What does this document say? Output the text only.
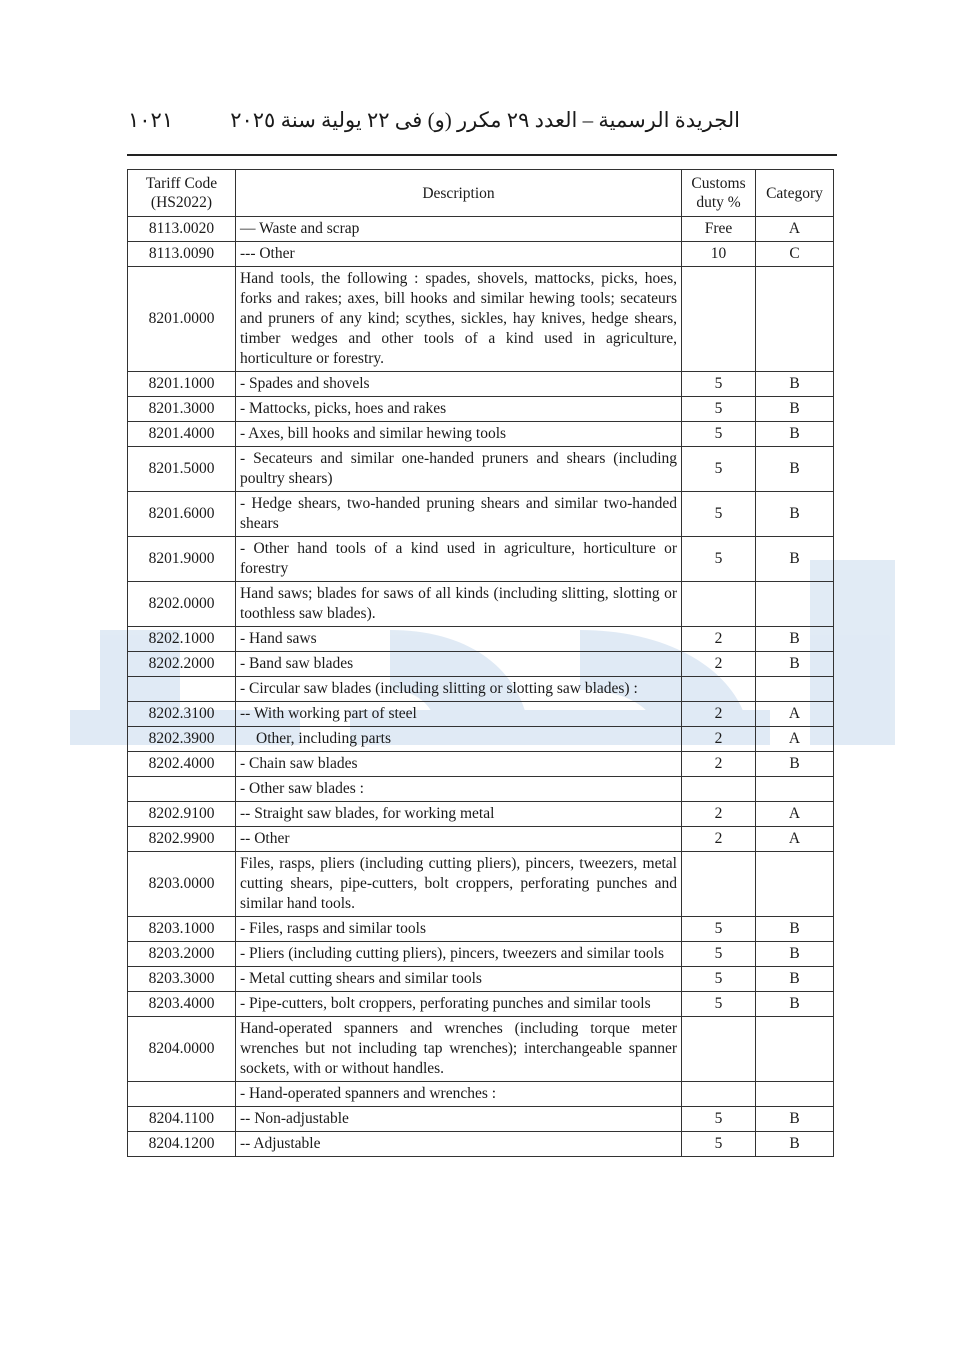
١٠٢١	الجريدة الرسمية – العدد ٢٩ مكرر (و) فى ٢٢ يولية سنة ٢٠٢٥
Tariff Code (HS2022)	Description	Customs duty %	Category
8113.0020	— Waste and scrap	Free	A
8113.0090	--- Other	10	C
8201.0000	Hand tools, the following : spades, shovels, mattocks, picks, hoes, forks and rakes; axes, bill hooks and similar hewing tools; secateurs and pruners of any kind; scythes, sickles, hay knives, hedge shears, timber wedges and other tools of a kind used in agriculture, horticulture or forestry.		
8201.1000	- Spades and shovels	5	B
8201.3000	- Mattocks, picks, hoes and rakes	5	B
8201.4000	- Axes, bill hooks and similar hewing tools	5	B
8201.5000	- Secateurs and similar one-handed pruners and shears (including poultry shears)	5	B
8201.6000	- Hedge shears, two-handed pruning shears and similar two-handed shears	5	B
8201.9000	- Other hand tools of a kind used in agriculture, horticulture or forestry	5	B
8202.0000	Hand saws; blades for saws of all kinds (including slitting, slotting or toothless saw blades).		
8202.1000	- Hand saws	2	B
8202.2000	- Band saw blades	2	B
	- Circular saw blades (including slitting or slotting saw blades) :		
8202.3100	-- With working part of steel	2	A
8202.3900	Other, including parts	2	A
8202.4000	- Chain saw blades	2	B
	- Other saw blades :		
8202.9100	-- Straight saw blades, for working metal	2	A
8202.9900	-- Other	2	A
8203.0000	Files, rasps, pliers (including cutting pliers), pincers, tweezers, metal cutting shears, pipe-cutters, bolt croppers, perforating punches and similar hand tools.		
8203.1000	- Files, rasps and similar tools	5	B
8203.2000	- Pliers (including cutting pliers), pincers, tweezers and similar tools	5	B
8203.3000	- Metal cutting shears and similar tools	5	B
8203.4000	- Pipe-cutters, bolt croppers, perforating punches and similar tools	5	B
8204.0000	Hand-operated spanners and wrenches (including torque meter wrenches but not including tap wrenches); interchangeable spanner sockets, with or without handles.		
	- Hand-operated spanners and wrenches :		
8204.1100	-- Non-adjustable	5	B
8204.1200	-- Adjustable	5	B
